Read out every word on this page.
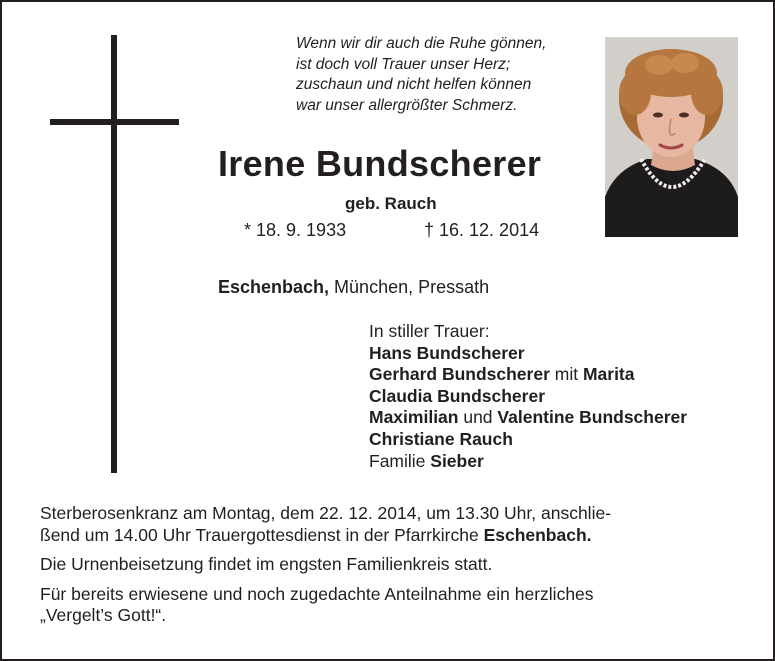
Wenn wir dir auch die Ruhe gönnen,
ist doch voll Trauer unser Herz;
zuschaun und nicht helfen können
war unser allergrößter Schmerz.
Irene Bundscherer
geb. Rauch
* 18. 9. 1933	† 16. 12. 2014
Eschenbach, München, Pressath
In stiller Trauer:
Hans Bundscherer
Gerhard Bundscherer mit Marita
Claudia Bundscherer
Maximilian und Valentine Bundscherer
Christiane Rauch
Familie Sieber

Sterberosenkranz am Montag, dem 22. 12. 2014, um 13.30 Uhr, anschlie-
ßend um 14.00 Uhr Trauergottesdienst in der Pfarrkirche Eschenbach.

Die Urnenbeisetzung findet im engsten Familienkreis statt.

Für bereits erwiesene und noch zugedachte Anteilnahme ein herzliches
„Vergelt’s Gott!“.
